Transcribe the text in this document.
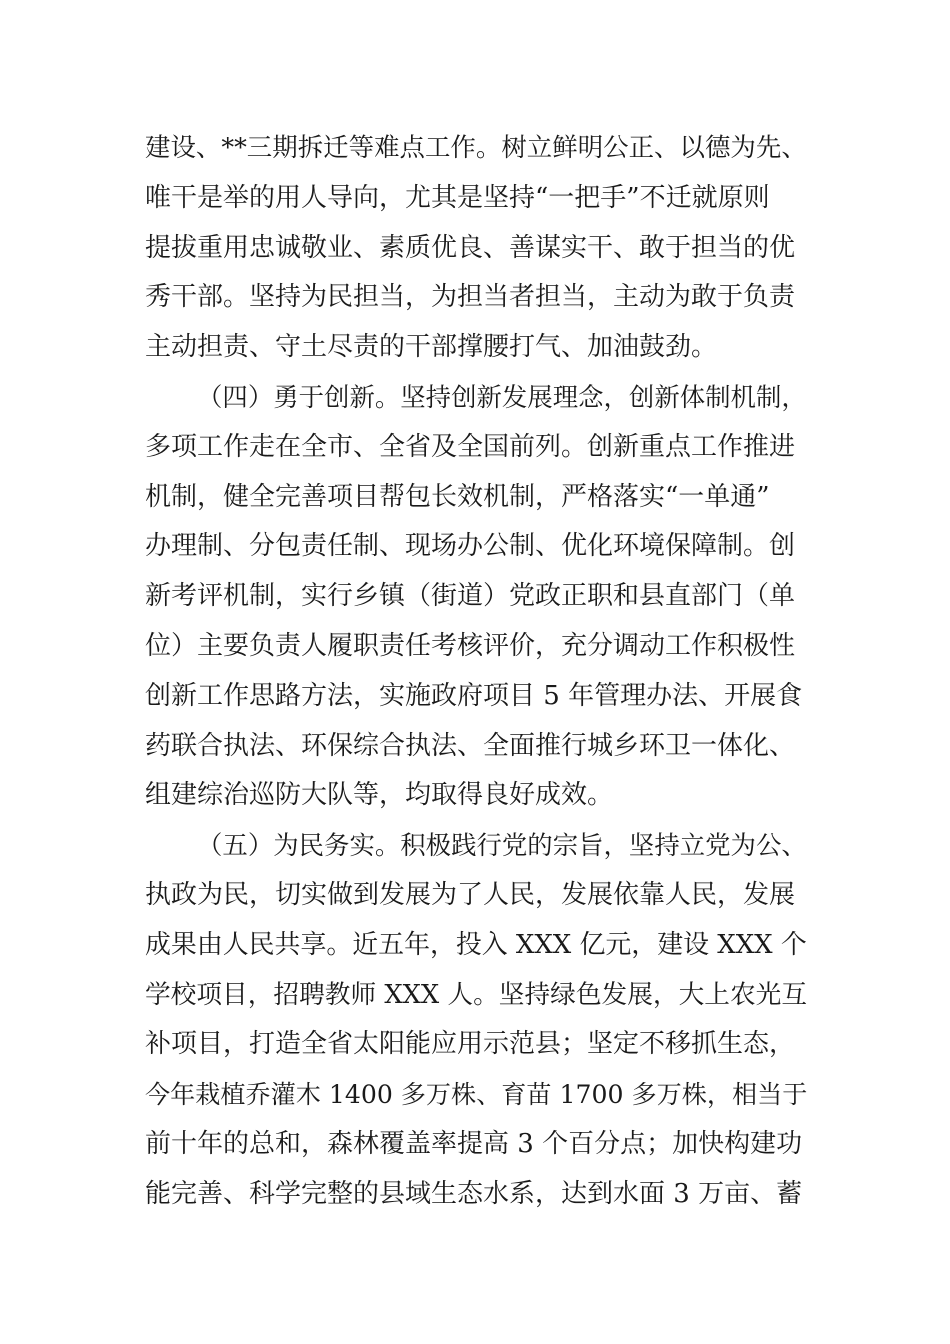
建设、**三期拆迁等难点工作。树立鲜明公正、以德为先、
唯干是举的用人导向，尤其是坚持“一把手”不迁就原则
提拔重用忠诚敬业、素质优良、善谋实干、敢于担当的优
秀干部。坚持为民担当，为担当者担当，主动为敢于负责
主动担责、守土尽责的干部撑腰打气、加油鼓劲。
（四）勇于创新。坚持创新发展理念，创新体制机制，
多项工作走在全市、全省及全国前列。创新重点工作推进
机制，健全完善项目帮包长效机制，严格落实“一单通”
办理制、分包责任制、现场办公制、优化环境保障制。创
新考评机制，实行乡镇（街道）党政正职和县直部门（单
位）主要负责人履职责任考核评价，充分调动工作积极性
创新工作思路方法，实施政府项目 5 年管理办法、开展食
药联合执法、环保综合执法、全面推行城乡环卫一体化、
组建综治巡防大队等，均取得良好成效。
（五）为民务实。积极践行党的宗旨，坚持立党为公、
执政为民，切实做到发展为了人民，发展依靠人民，发展
成果由人民共享。近五年，投入 XXX 亿元，建设 XXX 个
学校项目，招聘教师 XXX 人。坚持绿色发展，大上农光互
补项目，打造全省太阳能应用示范县；坚定不移抓生态，
今年栽植乔灌木 1400 多万株、育苗 1700 多万株，相当于
前十年的总和，森林覆盖率提高 3 个百分点；加快构建功
能完善、科学完整的县域生态水系，达到水面 3 万亩、蓄
